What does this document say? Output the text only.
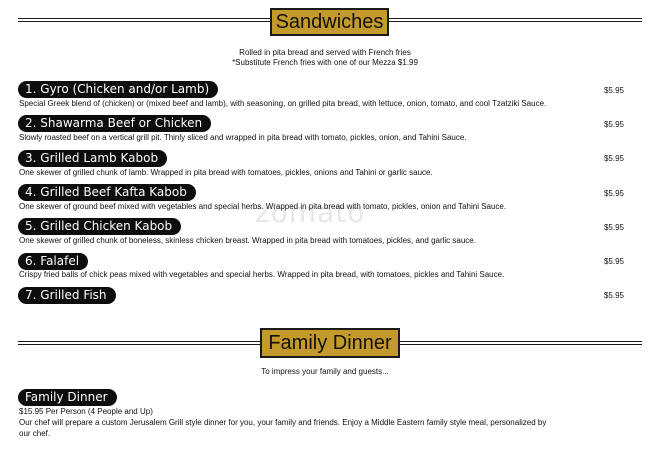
Sandwiches
Rolled in pita bread and served with French fries
*Substitute French fries with one of our Mezza $1.99
zomato
1. Gyro (Chicken and/or Lamb)	$5.95
Special Greek blend of (chicken) or (mixed beef and lamb), with seasoning, on grilled pita bread, with lettuce, onion, tomato, and cool Tzatziki Sauce.
2. Shawarma Beef or Chicken	$5.95
Slowly roasted beef on a vertical grill pit. Thinly sliced and wrapped in pita bread with tomato, pickles, onion, and Tahini Sauce.
3. Grilled Lamb Kabob	$5.95
One skewer of grilled chunk of lamb. Wrapped in pita bread with tomatoes, pickles, onions and Tahini or garlic sauce.
4. Grilled Beef Kafta Kabob	$5.95
One skewer of ground beef mixed with vegetables and special herbs. Wrapped in pita bread with tomato, pickles, onion and Tahini Sauce.
5. Grilled Chicken Kabob	$5.95
One skewer of grilled chunk of boneless, skinless chicken breast. Wrapped in pita bread with tomatoes, pickles, and garlic sauce.
6. Falafel	$5.95
Crispy fried balls of chick peas mixed with vegetables and special herbs. Wrapped in pita bread, with tomatoes, pickles and Tahini Sauce.
7. Grilled Fish	$5.95
Family Dinner
To impress your family and guests...
Family Dinner
$15.95 Per Person (4 People and Up)
Our chef will prepare a custom Jerusalem Grill style dinner for you, your family and friends. Enjoy a Middle Eastern family style meal, personalized by
our chef.
